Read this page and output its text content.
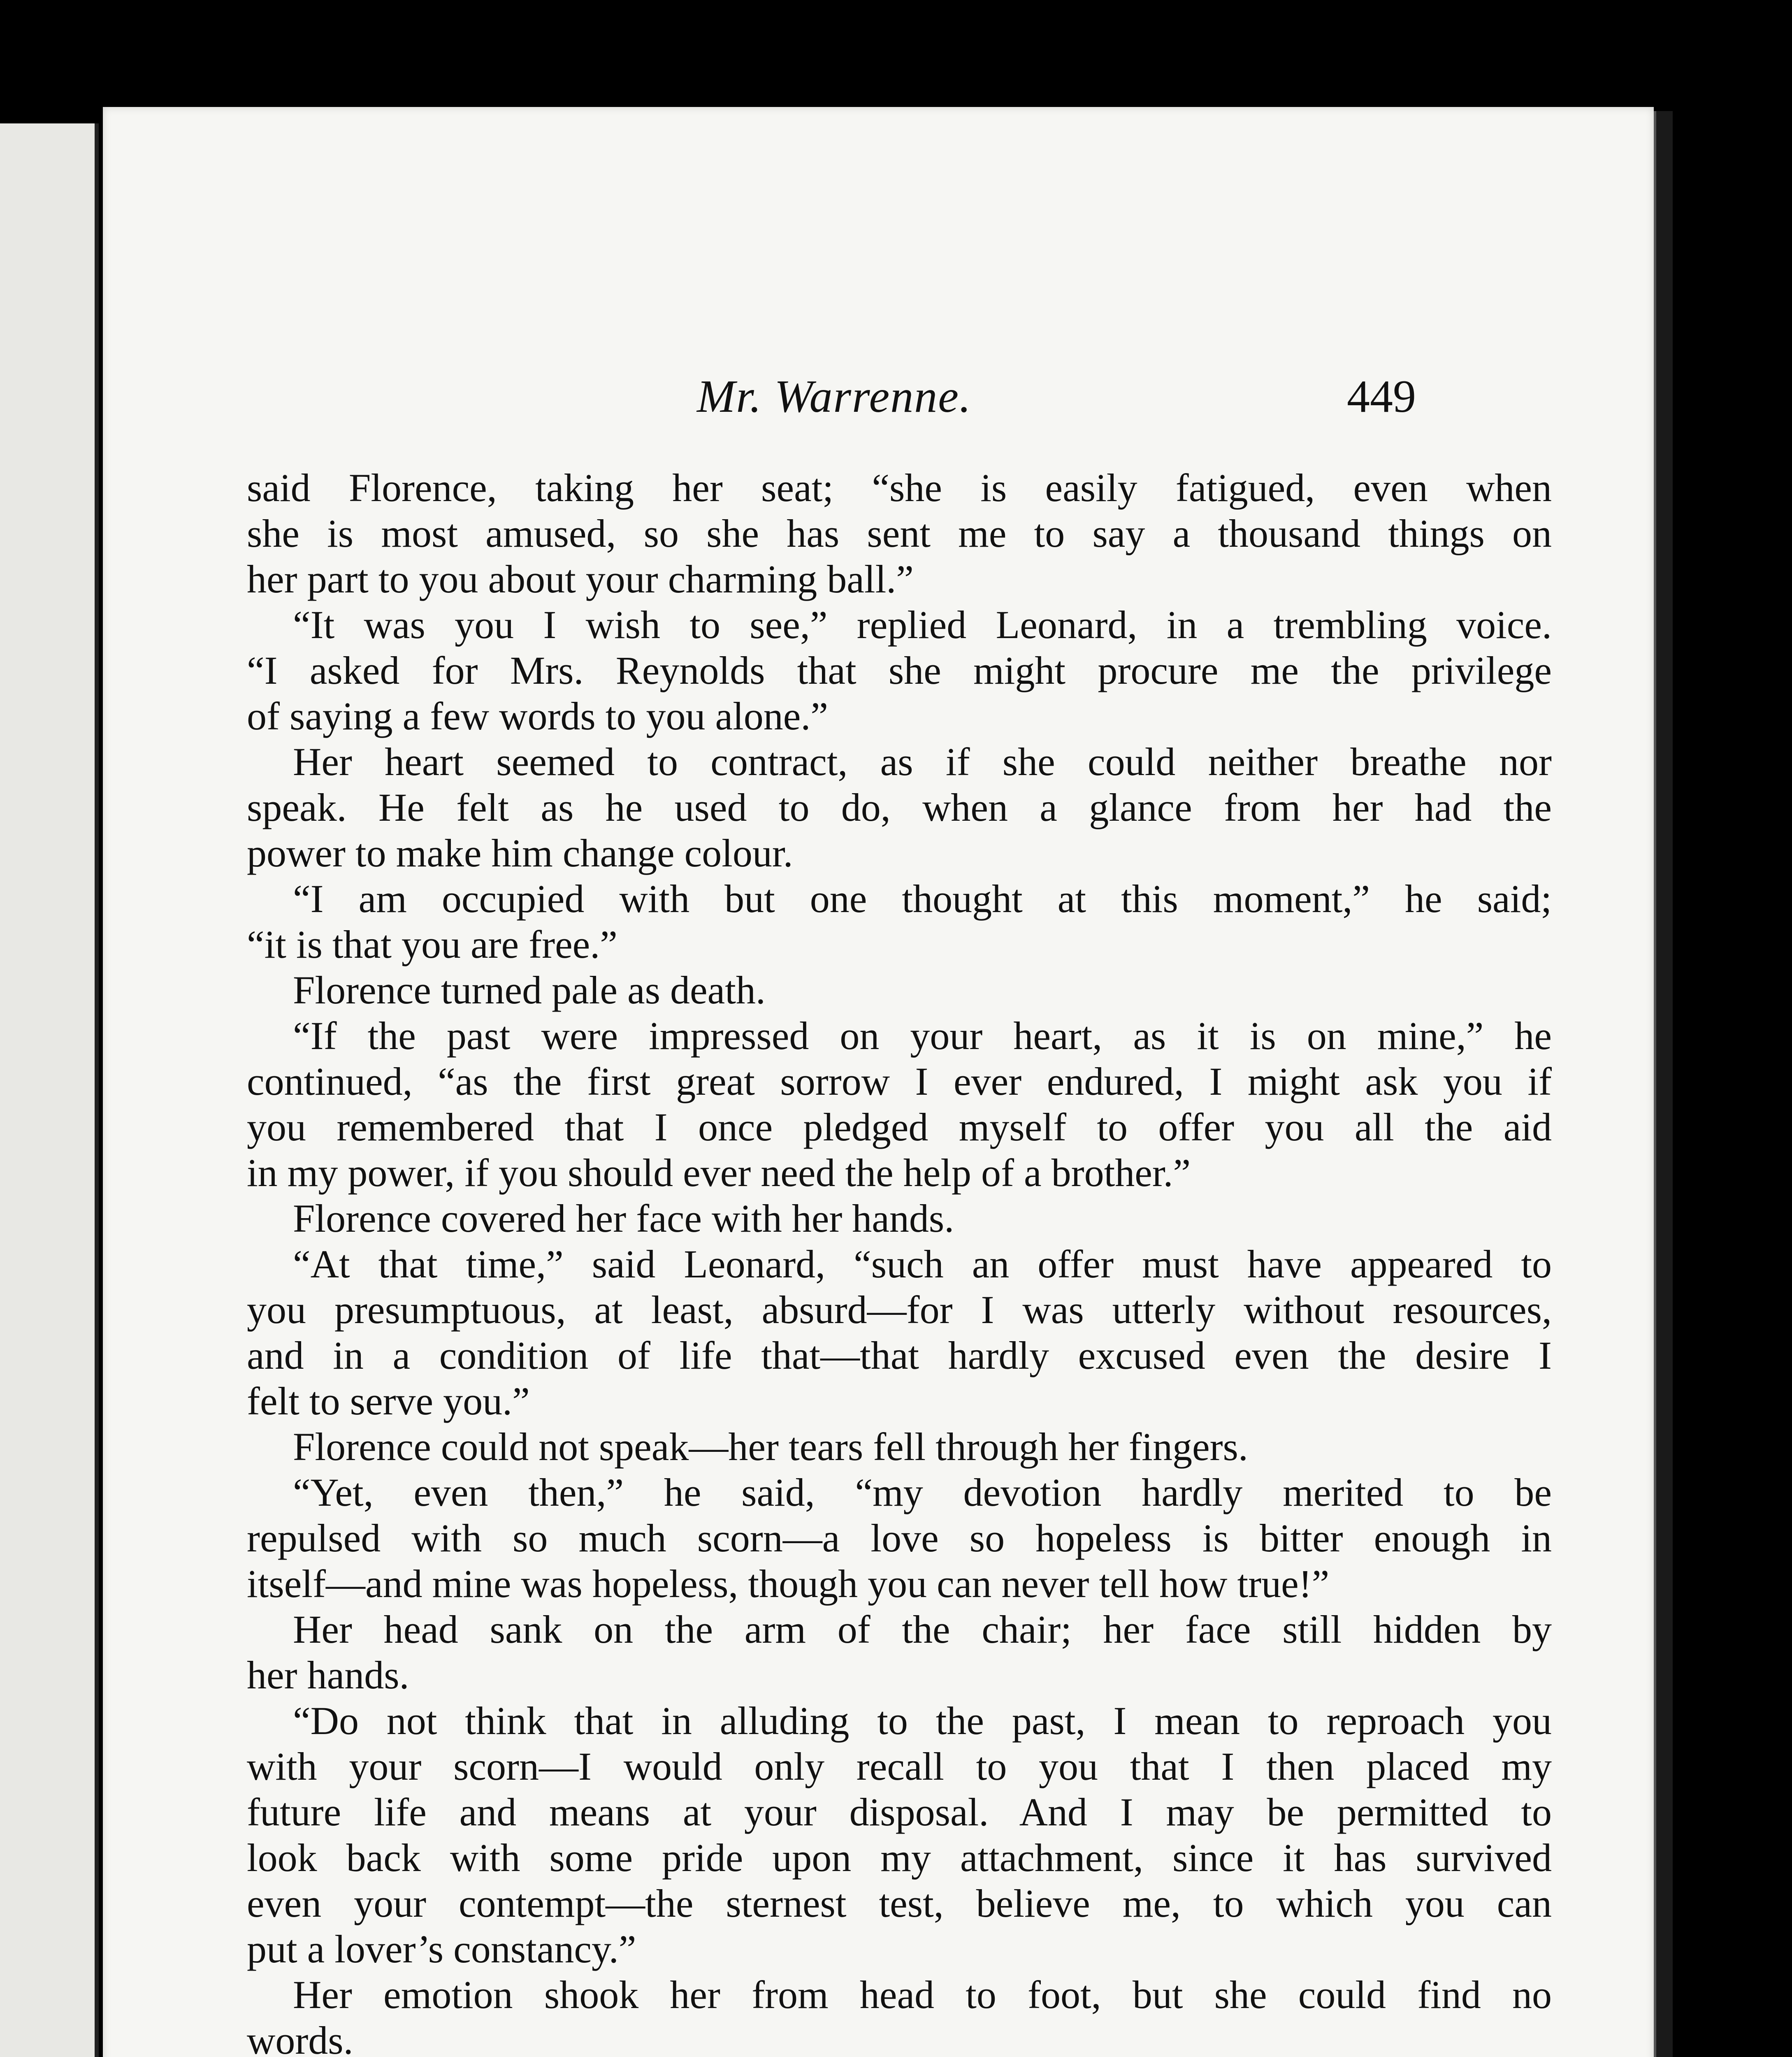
Mr. Warrenne.	449
said Florence, taking her seat; “she is easily fatigued, even when
she is most amused, so she has sent me to say a thousand things on
her part to you about your charming ball.”
“It was you I wish to see,” replied Leonard, in a trembling voice.
“I asked for Mrs. Reynolds that she might procure me the privilege
of saying a few words to you alone.”
Her heart seemed to contract, as if she could neither breathe nor
speak. He felt as he used to do, when a glance from her had the
power to make him change colour.
“I am occupied with but one thought at this moment,” he said;
“it is that you are free.”
Florence turned pale as death.
“If the past were impressed on your heart, as it is on mine,” he
continued, “as the first great sorrow I ever endured, I might ask you if
you remembered that I once pledged myself to offer you all the aid
in my power, if you should ever need the help of a brother.”
Florence covered her face with her hands.
“At that time,” said Leonard, “such an offer must have appeared to
you presumptuous, at least, absurd—for I was utterly without resources,
and in a condition of life that—that hardly excused even the desire I
felt to serve you.”
Florence could not speak—her tears fell through her fingers.
“Yet, even then,” he said, “my devotion hardly merited to be
repulsed with so much scorn—a love so hopeless is bitter enough in
itself—and mine was hopeless, though you can never tell how true!”
Her head sank on the arm of the chair; her face still hidden by
her hands.
“Do not think that in alluding to the past, I mean to reproach you
with your scorn—I would only recall to you that I then placed my
future life and means at your disposal. And I may be permitted to
look back with some pride upon my attachment, since it has survived
even your contempt—the sternest test, believe me, to which you can
put a lover’s constancy.”
Her emotion shook her from head to foot, but she could find no
words.
